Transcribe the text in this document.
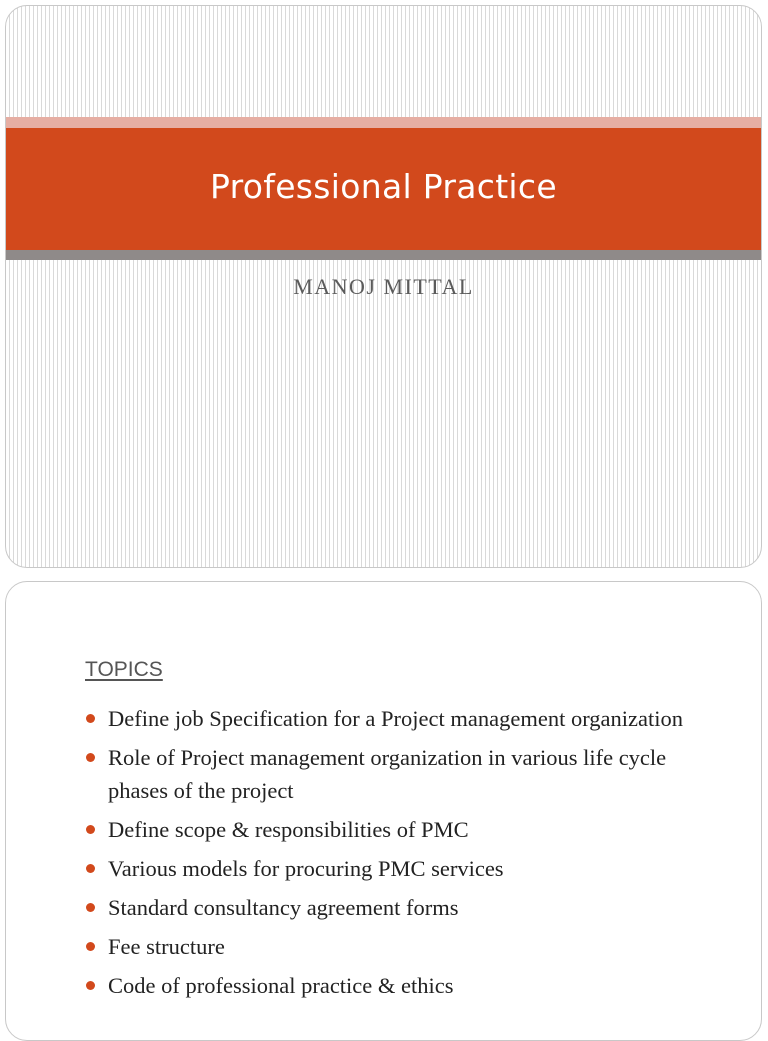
Professional Practice
MANOJ MITTAL
TOPICS
Define job Specification for a Project management organization
Role of Project management organization in various life cycle phases of the project
Define scope & responsibilities of PMC
Various models for procuring PMC services
Standard consultancy agreement forms
Fee structure
Code of professional practice & ethics
